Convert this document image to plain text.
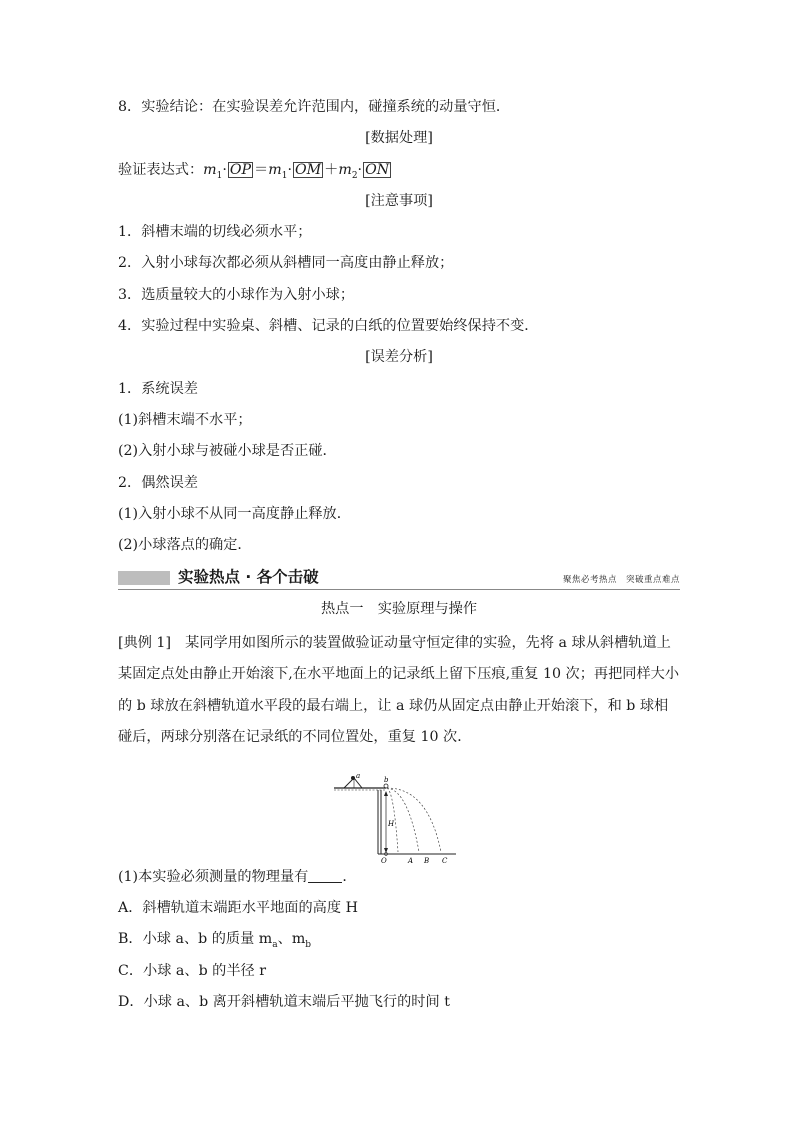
8．实验结论：在实验误差允许范围内，碰撞系统的动量守恒．
[数据处理]
验证表达式：$m_1\cdot$ OP $=m_1\cdot$ OM $+m_2\cdot$ ON
[注意事项]
1．斜槽末端的切线必须水平；
2．入射小球每次都必须从斜槽同一高度由静止释放；
3．选质量较大的小球作为入射小球；
4．实验过程中实验桌、斜槽、记录的白纸的位置要始终保持不变．
[误差分析]
1．系统误差
(1)斜槽末端不水平；
(2)入射小球与被碰小球是否正碰．
2．偶然误差
(1)入射小球不从同一高度静止释放．
(2)小球落点的确定．
实验热点 · 各个击破	聚焦必考热点　突破重点难点
热点一　实验原理与操作
[典例 1]　某同学用如图所示的装置做验证动量守恒定律的实验，先将 a 球从斜槽轨道上某固定点处由静止开始滚下,在水平地面上的记录纸上留下压痕,重复 10 次；再把同样大小的 b 球放在斜槽轨道水平段的最右端上，让 a 球仍从固定点由静止开始滚下，和 b 球相碰后，两球分别落在记录纸的不同位置处，重复 10 次．
a	b
H
O	A B C
(1)本实验必须测量的物理量有 ．
A．斜槽轨道末端距水平地面的高度 H
B．小球 a、b 的质量 $m_a$、$m_b$
C．小球 a、b 的半径 r
D．小球 a、b 离开斜槽轨道末端后平抛飞行的时间 t
